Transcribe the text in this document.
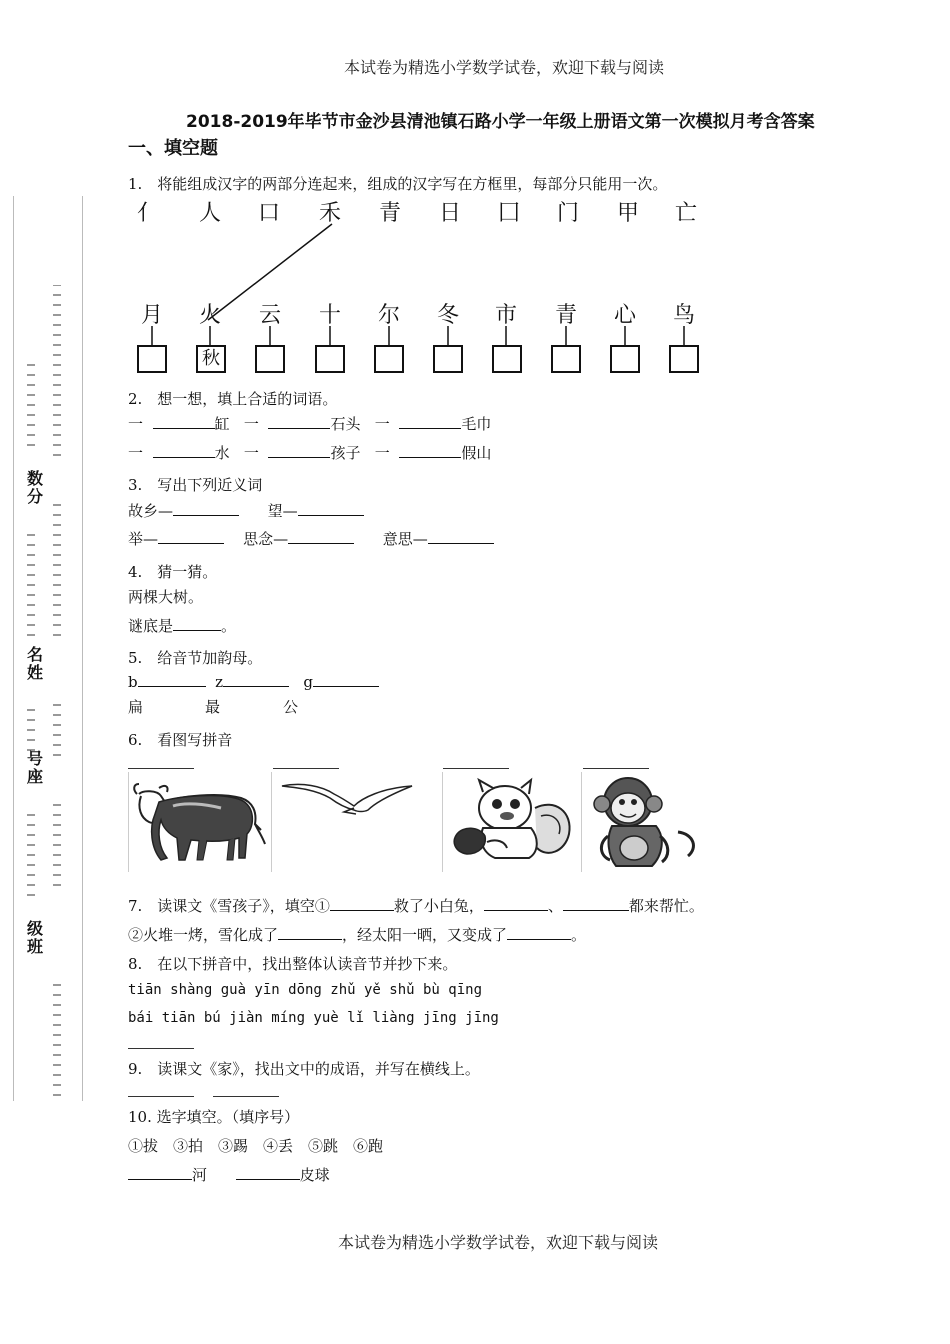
本试卷为精选小学数学试卷，欢迎下载与阅读
2018-2019年毕节市金沙县清池镇石路小学一年级上册语文第一次模拟月考含答案
一、填空题
数
分
名
姓
号
座
级
班
1.　将能组成汉字的两部分连起来，组成的汉字写在方框里，每部分只能用一次。
亻	人	口	禾	青	日	囗	门	甲	亡
月	火	云	十	尔	冬	市	青	心	鸟
秋
2.　想一想，填上合适的词语。
一	缸 一	石头 一	毛巾
一	水 一	孩子 一	假山
3.　写出下列近义词
故乡—	望—
举—	思念—	意思—
4.　猜一猜。
两棵大树。
谜底是	。
5.　给音节加韵母。
b	z	g
扁	最	公
6.　看图写拼音
7.　读课文《雪孩子》，填空①	救了小白兔，	、	都来帮忙。
②火堆一烤，雪化成了	，经太阳一晒，又变成了	。
8.　在以下拼音中，找出整体认读音节并抄下来。
tiān shàng guà yīn dōng zhǔ yě shǔ bù qīng
bái tiān bú jiàn míng yuè lǐ liàng jīng jīng
9.　读课文《家》，找出文中的成语，并写在横线上。
10. 选字填空。（填序号）
①拔　③拍　③踢　④丢　⑤跳　⑥跑
河	皮球
本试卷为精选小学数学试卷，欢迎下载与阅读
